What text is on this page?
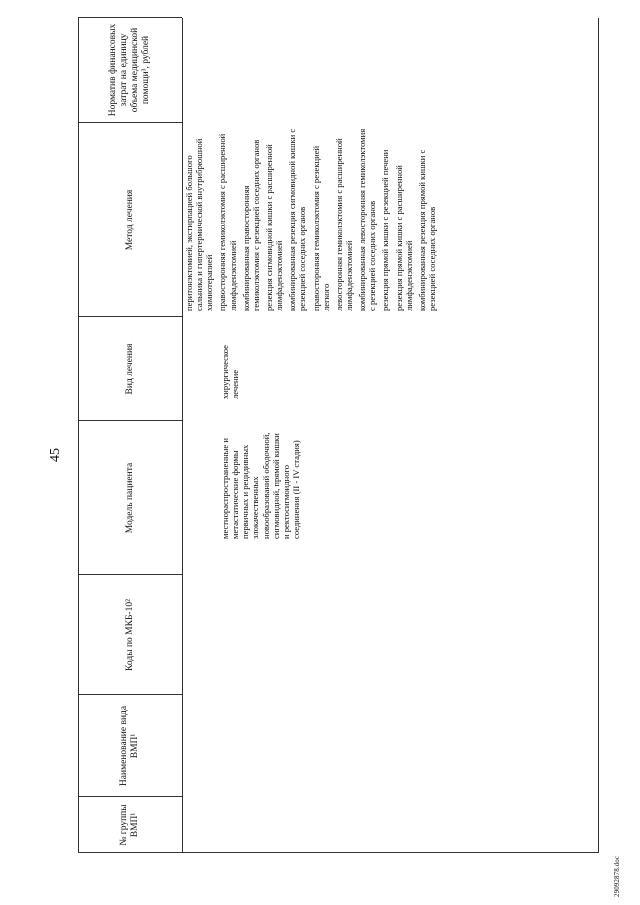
45
29092878.doc
№ группы ВМП¹
Наименование вида ВМП¹
Коды по МКБ-10²
Модель пациента
Вид лечения
Метод лечения
Норматив финансовых затрат на единицу объема медицинской помощи³, рублей
местнораспространенные и метастатические формы первичных и рецидивных злокачественных новообразований ободочной, сигмовидной, прямой кишки и ректосигмоидного соединения (II - IV стадия)
хирургическое лечение
перитонэктомией, экстирпацией большого сальника и гипертермической внутрибрюшной химиотерапией правосторонняя гемиколэктомия с расширенной лимфаденэктомией комбинированная правосторонняя гемиколэктомия с резекцией соседних органов резекция сигмовидной кишки с расширенной лимфаденэктомией комбинированная резекция сигмовидной кишки с резекцией соседних органов правосторонняя гемиколэктомия с резекцией легкого левосторонняя гемиколэктомия с расширенной лимфаденэктомией комбинированная левосторонняя гемиколэктомия с резекцией соседних органов резекция прямой кишки с резекцией печени резекция прямой кишки с расширенной лимфаденэктомией комбинированная резекция прямой кишки с резекцией соседних органов
